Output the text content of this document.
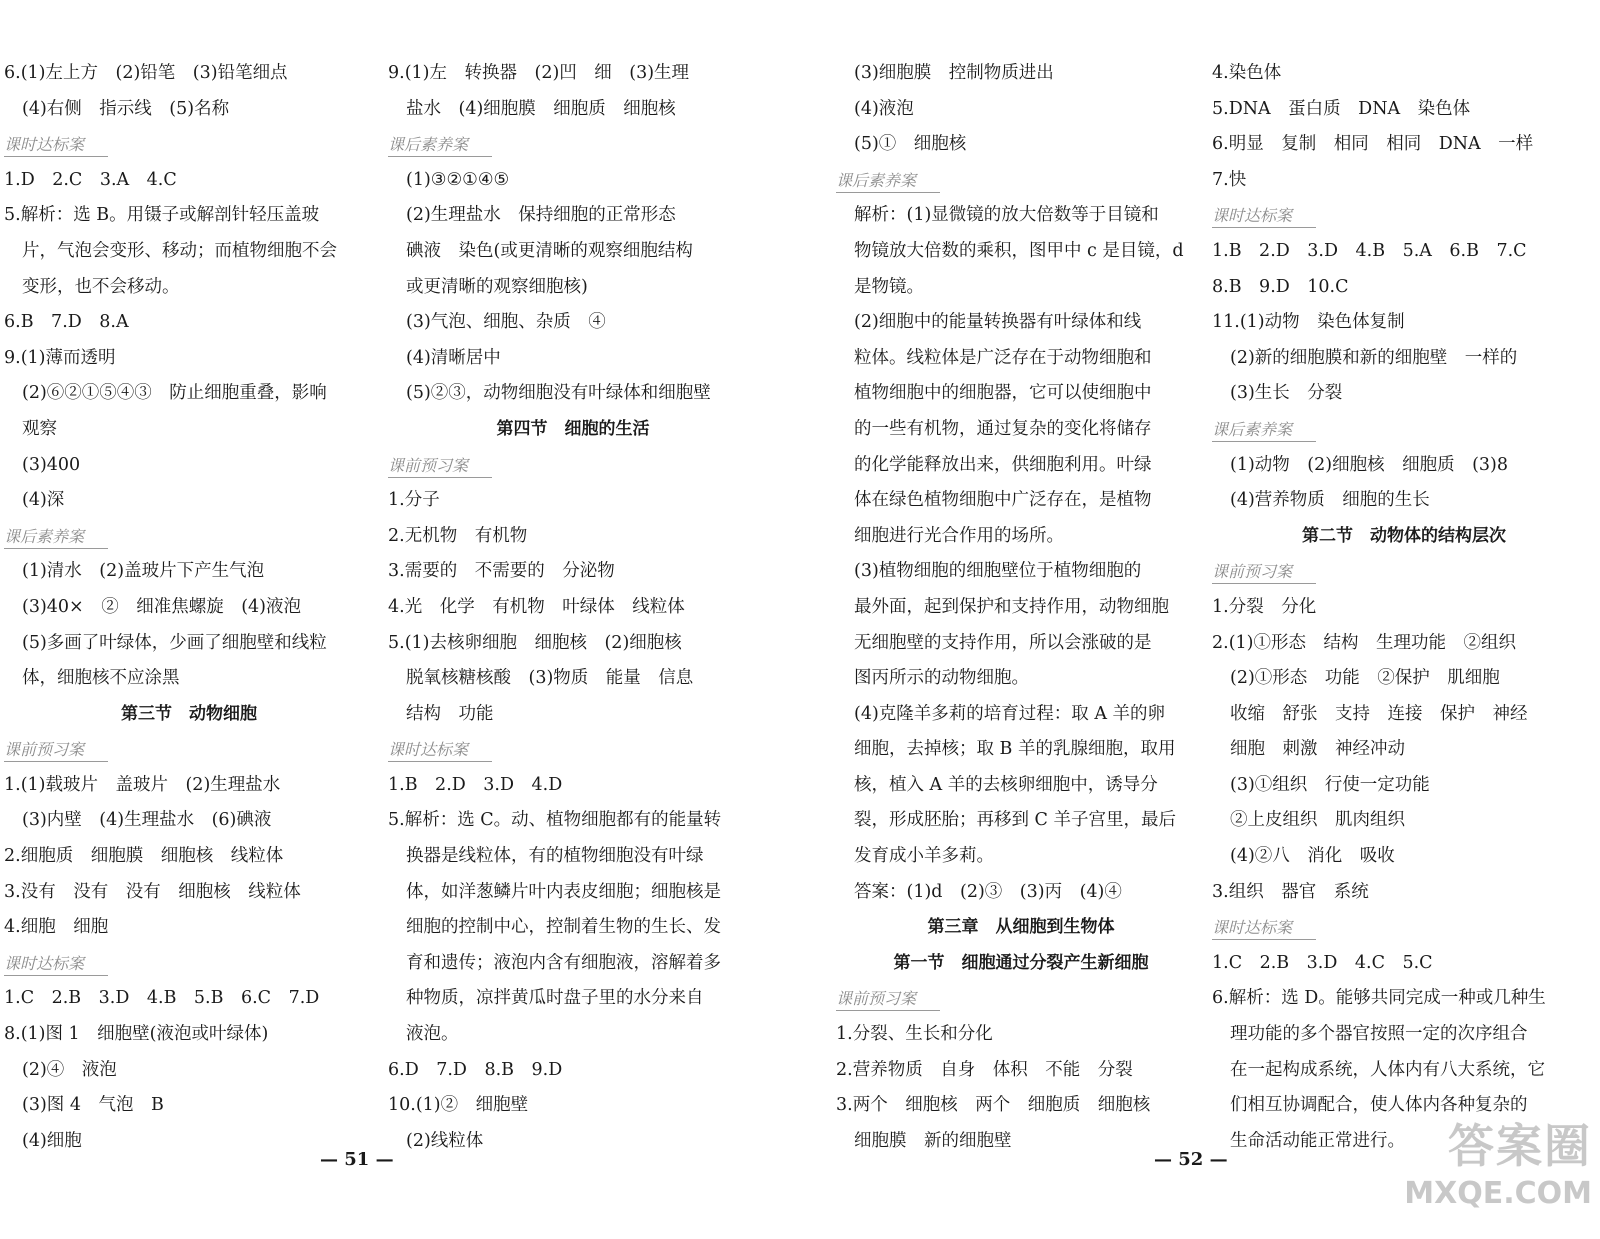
6.(1)左上方　(2)铅笔　(3)铅笔细点
(4)右侧　指示线　(5)名称
课时达标案
1.D　2.C　3.A　4.C
5.解析：选 B。用镊子或解剖针轻压盖玻
片，气泡会变形、移动；而植物细胞不会
变形，也不会移动。
6.B　7.D　8.A
9.(1)薄而透明
(2)⑥②①⑤④③　防止细胞重叠，影响
观察
(3)400
(4)深
课后素养案
(1)清水　(2)盖玻片下产生气泡
(3)40×　②　细准焦螺旋　(4)液泡
(5)多画了叶绿体，少画了细胞壁和线粒
体，细胞核不应涂黑
第三节　动物细胞
课前预习案
1.(1)载玻片　盖玻片　(2)生理盐水
(3)内壁　(4)生理盐水　(6)碘液
2.细胞质　细胞膜　细胞核　线粒体
3.没有　没有　没有　细胞核　线粒体
4.细胞　细胞
课时达标案
1.C　2.B　3.D　4.B　5.B　6.C　7.D
8.(1)图 1　细胞壁(液泡或叶绿体)
(2)④　液泡
(3)图 4　气泡　B
(4)细胞
9.(1)左　转换器　(2)凹　细　(3)生理
盐水　(4)细胞膜　细胞质　细胞核
课后素养案
(1)③②①④⑤
(2)生理盐水　保持细胞的正常形态
碘液　染色(或更清晰的观察细胞结构
或更清晰的观察细胞核)
(3)气泡、细胞、杂质　④
(4)清晰居中
(5)②③，动物细胞没有叶绿体和细胞壁
第四节　细胞的生活
课前预习案
1.分子
2.无机物　有机物
3.需要的　不需要的　分泌物
4.光　化学　有机物　叶绿体　线粒体
5.(1)去核卵细胞　细胞核　(2)细胞核
脱氧核糖核酸　(3)物质　能量　信息
结构　功能
课时达标案
1.B　2.D　3.D　4.D
5.解析：选 C。动、植物细胞都有的能量转
换器是线粒体，有的植物细胞没有叶绿
体，如洋葱鳞片叶内表皮细胞；细胞核是
细胞的控制中心，控制着生物的生长、发
育和遗传；液泡内含有细胞液，溶解着多
种物质，凉拌黄瓜时盘子里的水分来自
液泡。
6.D　7.D　8.B　9.D
10.(1)②　细胞壁
(2)线粒体
(3)细胞膜　控制物质进出
(4)液泡
(5)①　细胞核
课后素养案
解析：(1)显微镜的放大倍数等于目镜和
物镜放大倍数的乘积，图甲中 c 是目镜，d
是物镜。
(2)细胞中的能量转换器有叶绿体和线
粒体。线粒体是广泛存在于动物细胞和
植物细胞中的细胞器，它可以使细胞中
的一些有机物，通过复杂的变化将储存
的化学能释放出来，供细胞利用。叶绿
体在绿色植物细胞中广泛存在，是植物
细胞进行光合作用的场所。
(3)植物细胞的细胞壁位于植物细胞的
最外面，起到保护和支持作用，动物细胞
无细胞壁的支持作用，所以会涨破的是
图丙所示的动物细胞。
(4)克隆羊多莉的培育过程：取 A 羊的卵
细胞，去掉核；取 B 羊的乳腺细胞，取用
核，植入 A 羊的去核卵细胞中，诱导分
裂，形成胚胎；再移到 C 羊子宫里，最后
发育成小羊多莉。
答案：(1)d　(2)③　(3)丙　(4)④
第三章　从细胞到生物体
第一节　细胞通过分裂产生新细胞
课前预习案
1.分裂、生长和分化
2.营养物质　自身　体积　不能　分裂
3.两个　细胞核　两个　细胞质　细胞核
细胞膜　新的细胞壁
4.染色体
5.DNA　蛋白质　DNA　染色体
6.明显　复制　相同　相同　DNA　一样
7.快
课时达标案
1.B　2.D　3.D　4.B　5.A　6.B　7.C
8.B　9.D　10.C
11.(1)动物　染色体复制
(2)新的细胞膜和新的细胞壁　一样的
(3)生长　分裂
课后素养案
(1)动物　(2)细胞核　细胞质　(3)8
(4)营养物质　细胞的生长
第二节　动物体的结构层次
课前预习案
1.分裂　分化
2.(1)①形态　结构　生理功能　②组织
(2)①形态　功能　②保护　肌细胞
收缩　舒张　支持　连接　保护　神经
细胞　刺激　神经冲动
(3)①组织　行使一定功能
②上皮组织　肌肉组织
(4)②八　消化　吸收
3.组织　器官　系统
课时达标案
1.C　2.B　3.D　4.C　5.C
6.解析：选 D。能够共同完成一种或几种生
理功能的多个器官按照一定的次序组合
在一起构成系统，人体内有八大系统，它
们相互协调配合，使人体内各种复杂的
生命活动能正常进行。
— 51 —	— 52 —	答案圈
MXQE.COM
